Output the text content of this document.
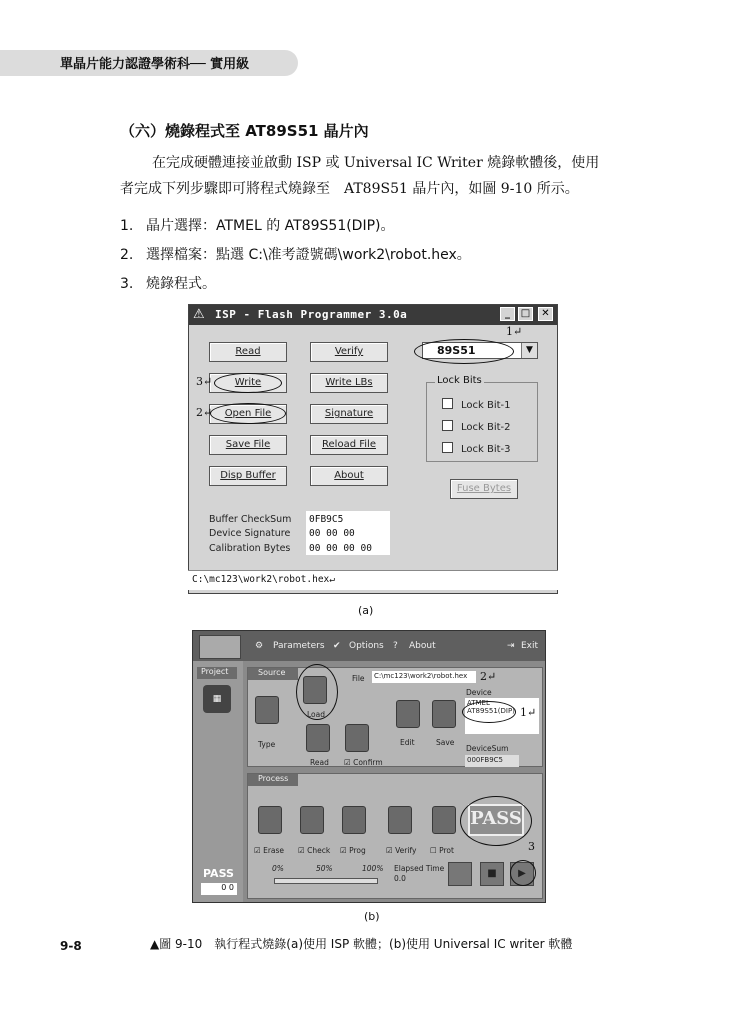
單晶片能力認證學術科── 實用級
（六）燒錄程式至 AT89S51 晶片內
在完成硬體連接並啟動 ISP 或 Universal IC Writer 燒錄軟體後，使用
者完成下列步驟即可將程式燒錄至　AT89S51 晶片內，如圖 9-10 所示。
1. 晶片選擇：ATMEL 的 AT89S51(DIP)。
2. 選擇檔案：點選 C:\准考證號碼\work2\robot.hex。
3. 燒錄程式。
⚠ ISP - Flash Programmer 3.0a	_	□	✕
Read	Verify
Write	Write LBs
Open File	Signature
Save File	Reload File
Disp Buffer	About
Fuse Bytes
89S51	▼
Lock Bits
Lock Bit-1
Lock Bit-2
Lock Bit-3
Buffer CheckSum
Device Signature
Calibration Bytes
0FB9C5
00 00 00
00 00 00 00
C:\mc123\work2\robot.hex↵
1↵
2↵
3↵
(a)
⚙ Parameters ✔ Options ? About	⇥ Exit
Project
▦
PASS
0 0
Source
Process
Type
Load
Read ☑ Confirm
Edit	Save
File C:\mc123\work2\robot.hex
Device
ATMEL
AT89S51(DIP)
DeviceSum
000FB9C5
☑ Erase ☑ Check ☑ Prog	☑ Verify ☐ Prot
0%	50%	100% Elapsed Time
0.0	■	▶
PASS
1↵
2↵
3
(b)
9-8	▲圖 9-10　執行程式燒錄(a)使用 ISP 軟體；(b)使用 Universal IC writer 軟體
